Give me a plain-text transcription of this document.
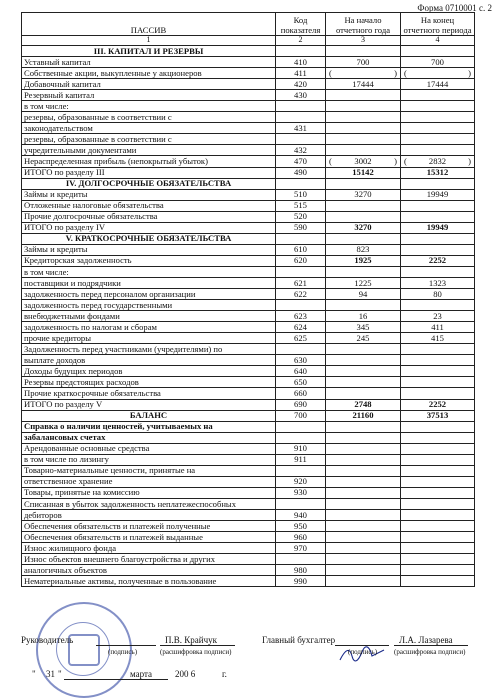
Форма 0710001 с. 2
ПАССИВ	Код показателя	На начало отчетного года	На конец отчетного периода
1	2	3	4
III. КАПИТАЛ И РЕЗЕРВЫ			
Уставный капитал	410	700	700
Собственные акции, выкупленные у акционеров	411	( )	( )

Добавочный капитал	420	17444	17444
Резервный капитал	430		
в том числе:			
резервы, образованные в соответствии с			
законодательством	431		
резервы, образованные в соответствии с			
учредительными документами	432		
Нераспределенная прибыль (непокрытый убыток)	470	( 3002 )	( 2832 )

ИТОГО по разделу III	490	15142	15312
IV. ДОЛГОСРОЧНЫЕ ОБЯЗАТЕЛЬСТВА			
Займы и кредиты	510	3270	19949
Отложенные налоговые обязательства	515		
Прочие долгосрочные обязательства	520		
ИТОГО по разделу IV	590	3270	19949
V. КРАТКОСРОЧНЫЕ ОБЯЗАТЕЛЬСТВА			
Займы и кредиты	610	823	
Кредиторская задолженность	620	1925	2252
в том числе:			
поставщики и подрядчики	621	1225	1323
задолженность перед персоналом организации	622	94	80
задолженность перед государственными			
внебюджетными фондами	623	16	23
задолженность по налогам и сборам	624	345	411
прочие кредиторы	625	245	415
Задолженность перед участниками (учредителями) по			
выплате доходов	630		
Доходы будущих периодов	640		
Резервы предстоящих расходов	650		
Прочие краткосрочные обязательства	660		
ИТОГО по разделу V	690	2748	2252
БАЛАНС	700	21160	37513
Справка о наличии ценностей, учитываемых на			
забалансовых счетах			
Арендованные основные средства	910		
в том числе по лизингу	911		
Товарно-материальные ценности, принятые на			
ответственное хранение	920		
Товары, принятые на комиссию	930		
Списанная в убыток задолженность неплатежеспособных			
дебиторов	940		
Обеспечения обязательств и платежей полученные	950		
Обеспечения обязательств и платежей выданные	960		
Износ жилищного фонда	970		
Износ объектов внешнего благоустройства и других			
аналогичных объектов	980		
Нематериальные активы, полученные в пользование	990		
Руководитель	П.В. Крайчук
(подпись)	(расшифровка подписи)
Главный бухгалтер	Л.А. Лазарева
(подпись) (расшифровка подписи)
" 31 "	марта	200 6	г.
